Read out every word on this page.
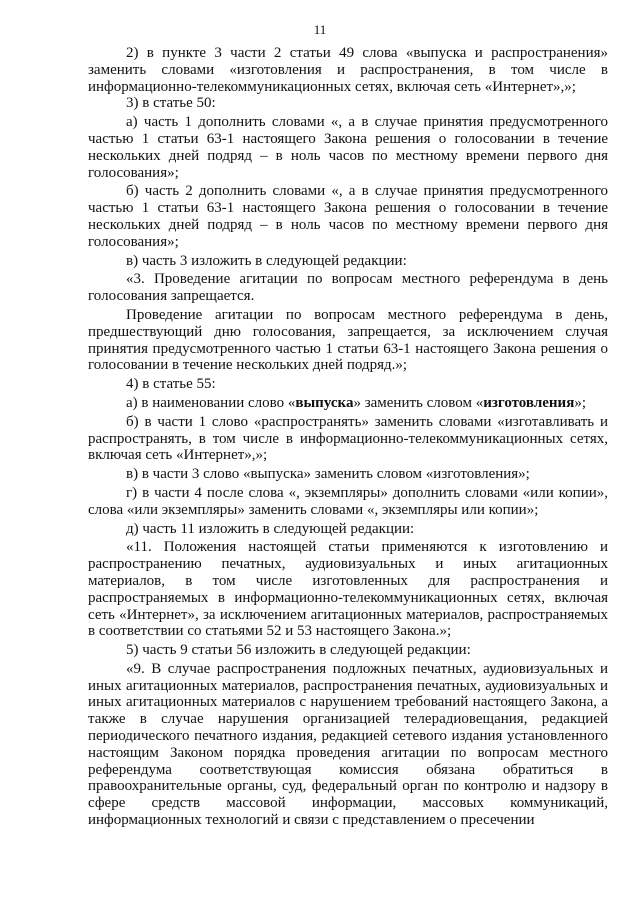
11

2) в пункте 3 части 2 статьи 49 слова «выпуска и распространения» заменить словами «изготовления и распространения, в том числе в информационно-телекоммуникационных сетях, включая сеть «Интернет»,»;

3) в статье 50:

а) часть 1 дополнить словами «, а в случае принятия предусмотренного частью 1 статьи 63-1 настоящего Закона решения о голосовании в течение нескольких дней подряд – в ноль часов по местному времени первого дня голосования»;

б) часть 2 дополнить словами «, а в случае принятия предусмотренного частью 1 статьи 63-1 настоящего Закона решения о голосовании в течение нескольких дней подряд – в ноль часов по местному времени первого дня голосования»;

в) часть 3 изложить в следующей редакции:

«3. Проведение агитации по вопросам местного референдума в день голосования запрещается.

Проведение агитации по вопросам местного референдума в день, предшествующий дню голосования, запрещается, за исключением случая принятия предусмотренного частью 1 статьи 63-1 настоящего Закона решения о голосовании в течение нескольких дней подряд.»;

4) в статье 55:

а) в наименовании слово «выпуска» заменить словом «изготовления»;

б) в части 1 слово «распространять» заменить словами «изготавливать и распространять, в том числе в информационно-телекоммуникационных сетях, включая сеть «Интернет»,»;

в) в части 3 слово «выпуска» заменить словом «изготовления»;

г) в части 4 после слова «, экземпляры» дополнить словами «или копии», слова «или экземпляры» заменить словами «, экземпляры или копии»;

д) часть 11 изложить в следующей редакции:

«11. Положения настоящей статьи применяются к изготовлению и распространению печатных, аудиовизуальных и иных агитационных материалов, в том числе изготовленных для распространения и распространяемых в информационно-телекоммуникационных сетях, включая сеть «Интернет», за исключением агитационных материалов, распространяемых в соответствии со статьями 52 и 53 настоящего Закона.»;

5) часть 9 статьи 56 изложить в следующей редакции:

«9. В случае распространения подложных печатных, аудиовизуальных и иных агитационных материалов, распространения печатных, аудиовизуальных и иных агитационных материалов с нарушением требований настоящего Закона, а также в случае нарушения организацией телерадиовещания, редакцией периодического печатного издания, редакцией сетевого издания установленного настоящим Законом порядка проведения агитации по вопросам местного референдума соответствующая комиссия обязана обратиться в правоохранительные органы, суд, федеральный орган по контролю и надзору в сфере средств массовой информации, массовых коммуникаций, информационных технологий и связи с представлением о пресечении
